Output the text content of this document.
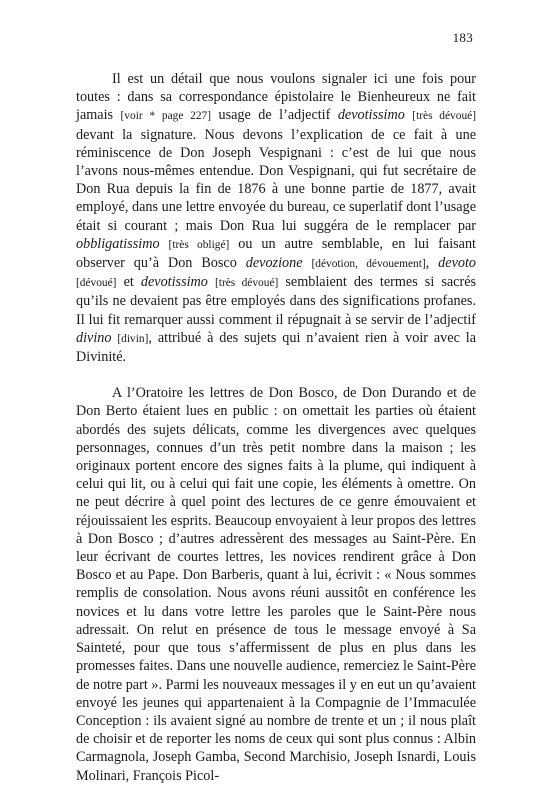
183

Il est un détail que nous voulons signaler ici une fois pour toutes : dans sa correspondance épistolaire le Bienheureux ne fait jamais [voir * page 227] usage de l’adjectif devotissimo [très dévoué] devant la signature. Nous devons l’explication de ce fait à une réminiscence de Don Joseph Vespignani : c’est de lui que nous l’avons nous-mêmes entendue. Don Vespignani, qui fut secrétaire de Don Rua depuis la fin de 1876 à une bonne partie de 1877, avait employé, dans une lettre envoyée du bureau, ce superlatif dont l’usage était si courant ; mais Don Rua lui suggéra de le remplacer par obbligatissimo [très obligé] ou un autre semblable, en lui faisant observer qu’à Don Bosco devozione [dévotion, dévouement], devoto [dévoué] et devotissimo [très dévoué] semblaient des termes si sacrés qu’ils ne devaient pas être employés dans des significations profanes. Il lui fit remarquer aussi comment il répugnait à se servir de l’adjectif divino [divin], attribué à des sujets qui n’avaient rien à voir avec la Divinité.

A l’Oratoire les lettres de Don Bosco, de Don Durando et de Don Berto étaient lues en public : on omettait les parties où étaient abordés des sujets délicats, comme les divergences avec quelques personnages, connues d’un très petit nombre dans la maison ; les originaux portent encore des signes faits à la plume, qui indiquent à celui qui lit, ou à celui qui fait une copie, les éléments à omettre. On ne peut décrire à quel point des lectures de ce genre émouvaient et réjouissaient les esprits. Beaucoup envoyaient à leur propos des lettres à Don Bosco ; d’autres adressèrent des messages au Saint-Père. En leur écrivant de courtes lettres, les novices rendirent grâce à Don Bosco et au Pape. Don Barberis, quant à lui, écrivit : « Nous sommes remplis de consolation. Nous avons réuni aussitôt en conférence les novices et lu dans votre lettre les paroles que le Saint-Père nous adressait. On relut en présence de tous le message envoyé à Sa Sainteté, pour que tous s’affermissent de plus en plus dans les promesses faites. Dans une nouvelle audience, remerciez le Saint-Père de notre part ». Parmi les nouveaux messages il y en eut un qu’avaient envoyé les jeunes qui appartenaient à la Compagnie de l’Immaculée Conception : ils avaient signé au nombre de trente et un ; il nous plaît de choisir et de reporter les noms de ceux qui sont plus connus : Albin Carmagnola, Joseph Gamba, Second Marchisio, Joseph Isnardi, Louis Molinari, François Picol-
